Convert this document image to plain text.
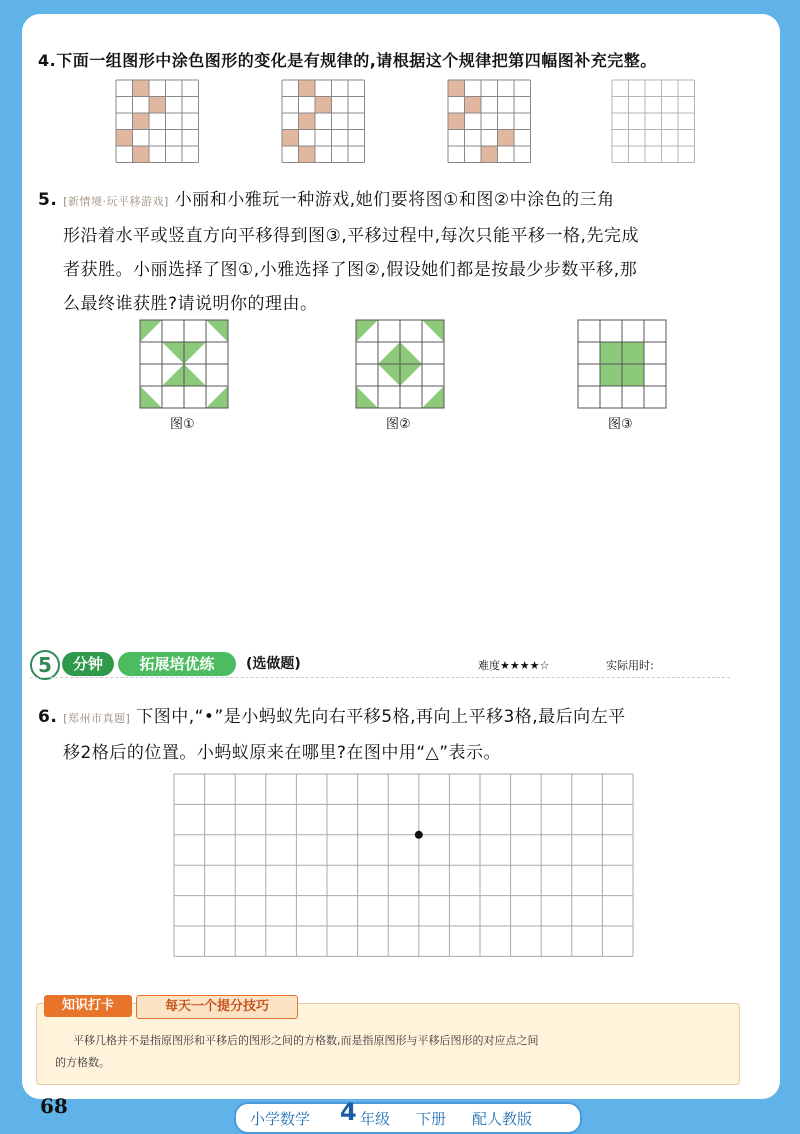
4.下面一组图形中涂色图形的变化是有规律的,请根据这个规律把第四幅图补充完整。
5. [新情境·玩平移游戏] 小丽和小雅玩一种游戏,她们要将图①和图②中涂色的三角
形沿着水平或竖直方向平移得到图③,平移过程中,每次只能平移一格,先完成
者获胜。小丽选择了图①,小雅选择了图②,假设她们都是按最少步数平移,那
么最终谁获胜?请说明你的理由。
图①	图②	图③
5	分钟	拓展培优练	(选做题)	难度★★★★☆	实际用时:
6. [郑州市真题] 下图中,“•”是小蚂蚁先向右平移5格,再向上平移3格,最后向左平
移2格后的位置。小蚂蚁原来在哪里?在图中用“△”表示。
平移几格并不是指原图形和平移后的图形之间的方格数,而是指原图形与平移后图形的对应点之间
的方格数。
知识打卡	每天一个提分技巧
68
小学数学 4 年级 下册 配人教版
